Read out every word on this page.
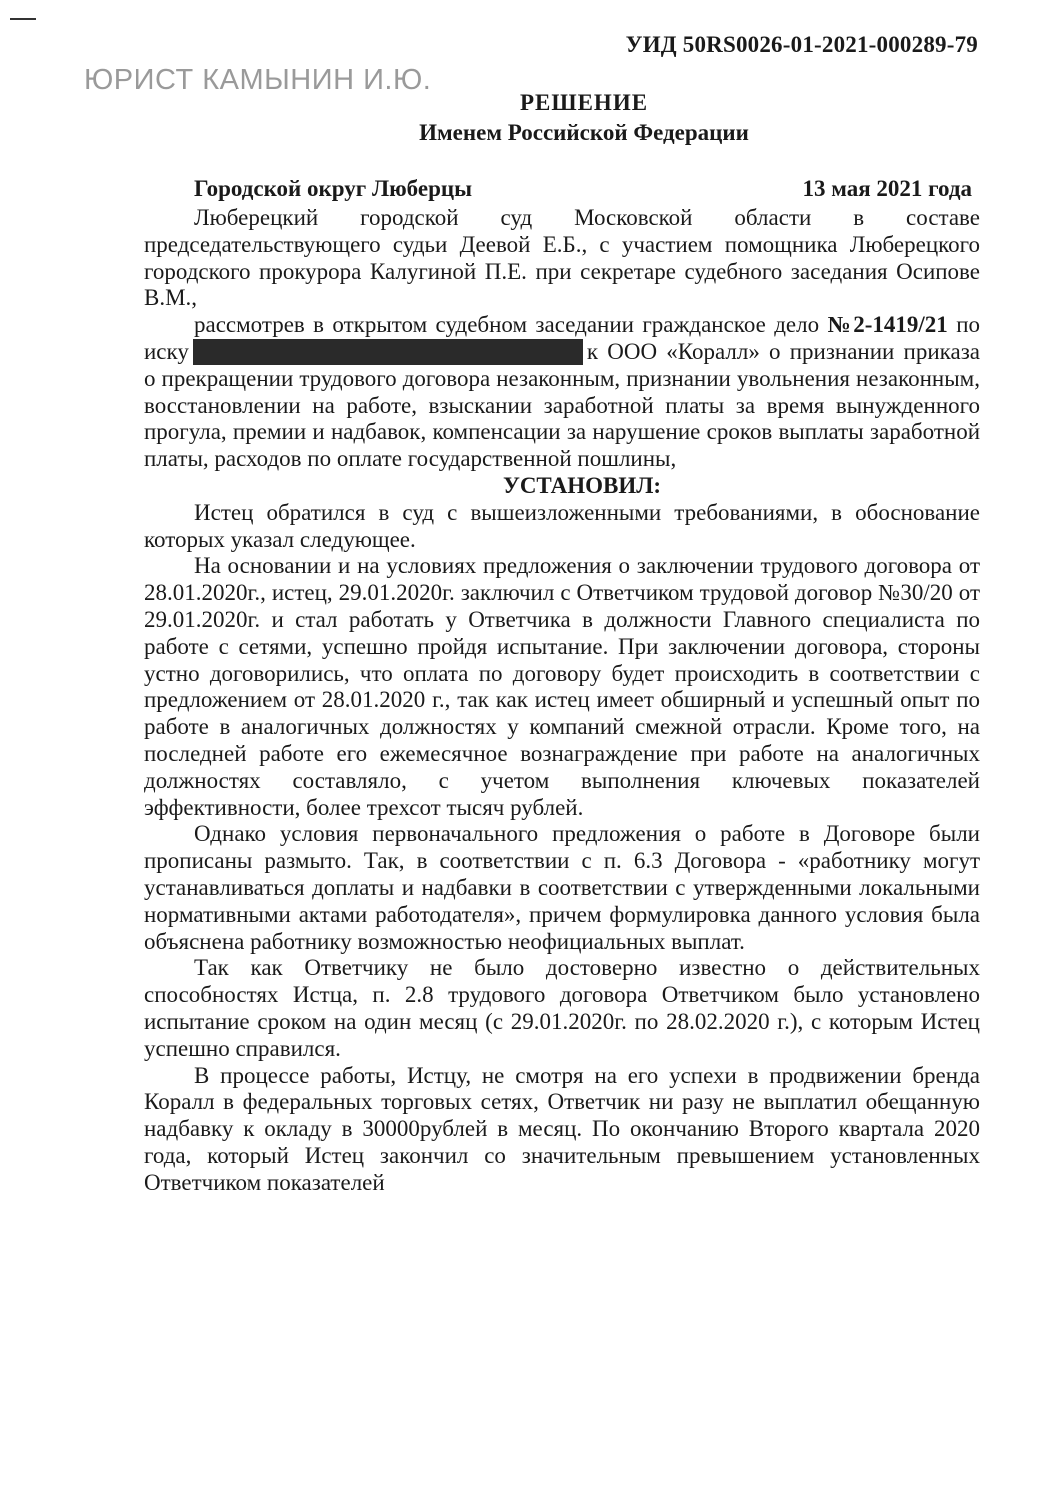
УИД 50RS0026-01-2021-000289-79
ЮРИСТ КАМЫНИН И.Ю.
РЕШЕНИЕ
Именем Российской Федерации
Городской округ Люберцы	13 мая 2021 года

Люберецкий городской суд Московской области в составе председательствующего судьи Деевой Е.Б., с участием помощника Люберецкого городского прокурора Калугиной П.Е. при секретаре судебного заседания Осипове В.М.,

рассмотрев в открытом судебном заседании гражданское дело №2-1419/21 по иску	к ООО «Коралл» о признании приказа о прекращении трудового договора незаконным, признании увольнения незаконным, восстановлении на работе, взыскании заработной платы за время вынужденного прогула, премии и надбавок, компенсации за нарушение сроков выплаты заработной платы, расходов по оплате государственной пошлины,

УСТАНОВИЛ:

Истец обратился в суд с вышеизложенными требованиями, в обоснование которых указал следующее.

На основании и на условиях предложения о заключении трудового договора от 28.01.2020г., истец, 29.01.2020г. заключил с Ответчиком трудовой договор №30/20 от 29.01.2020г. и стал работать у Ответчика в должности Главного специалиста по работе с сетями, успешно пройдя испытание. При заключении договора, стороны устно договорились, что оплата по договору будет происходить в соответствии с предложением от 28.01.2020 г., так как истец имеет обширный и успешный опыт по работе в аналогичных должностях у компаний смежной отрасли. Кроме того, на последней работе его ежемесячное вознаграждение при работе на аналогичных должностях составляло, с учетом выполнения ключевых показателей эффективности, более трехсот тысяч рублей.

Однако условия первоначального предложения о работе в Договоре были прописаны размыто. Так, в соответствии с п. 6.3 Договора - «работнику могут устанавливаться доплаты и надбавки в соответствии с утвержденными локальными нормативными актами работодателя», причем формулировка данного условия была объяснена работнику возможностью неофициальных выплат.

Так как Ответчику не было достоверно известно о действительных способностях Истца, п. 2.8 трудового договора Ответчиком было установлено испытание сроком на один месяц (с 29.01.2020г. по 28.02.2020 г.), с которым Истец успешно справился.

В процессе работы, Истцу, не смотря на его успехи в продвижении бренда Коралл в федеральных торговых сетях, Ответчик ни разу не выплатил обещанную надбавку к окладу в 30000рублей в месяц. По окончанию Второго квартала 2020 года, который Истец закончил со значительным превышением установленных Ответчиком показателей
